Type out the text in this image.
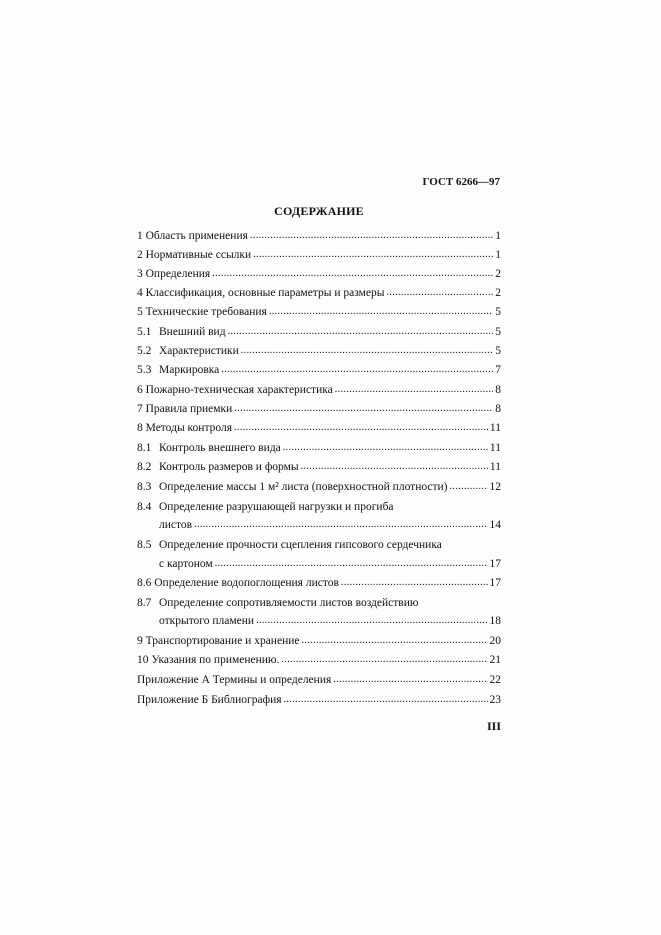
ГОСТ 6266—97
СОДЕРЖАНИЕ
1 Область применения .....	1
2 Нормативные ссылки .....	1
3 Определения .....	2
4 Классификация, основные параметры и размеры .....	2
5 Технические требования .....	5
5.1 Внешний вид .....	5
5.2 Характеристики .....	5
5.3 Маркировка .....	7
6 Пожарно-техническая характеристика .....	8
7 Правила приемки .....	8
8 Методы контроля .....	11
8.1 Контроль внешнего вида .....	11
8.2 Контроль размеров и формы .....	11
8.3 Определение массы 1 м² листа (поверхностной плотности) .....	12
8.4 Определение разрушающей нагрузки и прогиба
листов .....	14
8.5 Определение прочности сцепления гипсового сердечника
с картоном .....	17
8.6 Определение водопоглощения листов .....	17
8.7 Определение сопротивляемости листов воздействию
открытого пламени .....	18
9 Транспортирование и хранение .....	20
10 Указания по применению. .....	21
Приложение А Термины и определения .....	22
Приложение Б Библиография .....	23
III
